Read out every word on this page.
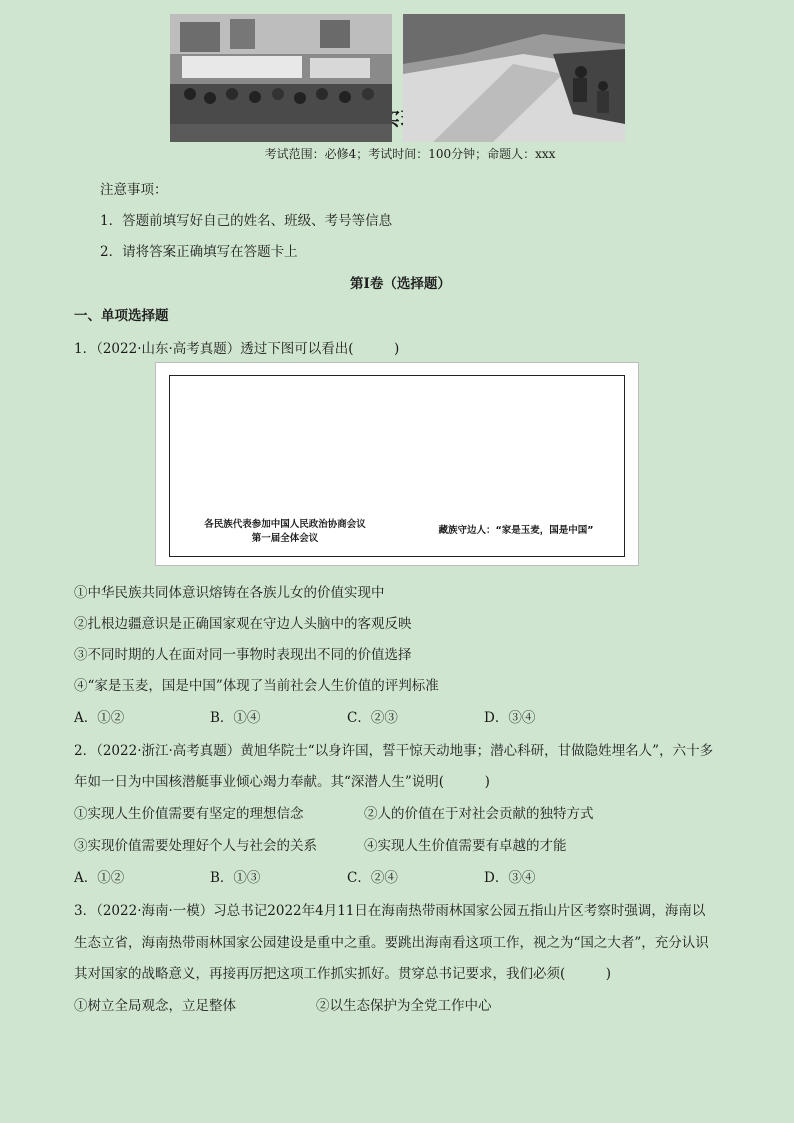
考试范围：必修4；考试时间：100分钟；命题人：xxx
注意事项：
1．答题前填写好自己的姓名、班级、考号等信息
2．请将答案正确填写在答题卡上
第I卷（选择题）
一、单项选择题
1．（2022·山东·高考真题）透过下图可以看出(　　　)
各民族代表参加中国人民政治协商会议
第一届全体会议
藏族守边人：“家是玉麦，国是中国”
①中华民族共同体意识熔铸在各族儿女的价值实现中
②扎根边疆意识是正确国家观在守边人头脑中的客观反映
③不同时期的人在面对同一事物时表现出不同的价值选择
④“家是玉麦，国是中国”体现了当前社会人生价值的评判标准
A．①②	B．①④	C．②③	D．③④
2．（2022·浙江·高考真题）黄旭华院士“以身许国，誓干惊天动地事；潜心科研，甘做隐姓埋名人”，六十多
年如一日为中国核潜艇事业倾心竭力奉献。其“深潜人生”说明(　　　)
①实现人生价值需要有坚定的理想信念	②人的价值在于对社会贡献的独特方式
③实现价值需要处理好个人与社会的关系	④实现人生价值需要有卓越的才能
A．①②	B．①③	C．②④	D．③④
3．（2022·海南·一模）习总书记2022年4月11日在海南热带雨林国家公园五指山片区考察时强调，海南以
生态立省，海南热带雨林国家公园建设是重中之重。要跳出海南看这项工作，视之为“国之大者”，充分认识
其对国家的战略意义，再接再厉把这项工作抓实抓好。贯穿总书记要求，我们必须(　　　)
①树立全局观念，立足整体	②以生态保护为全党工作中心
